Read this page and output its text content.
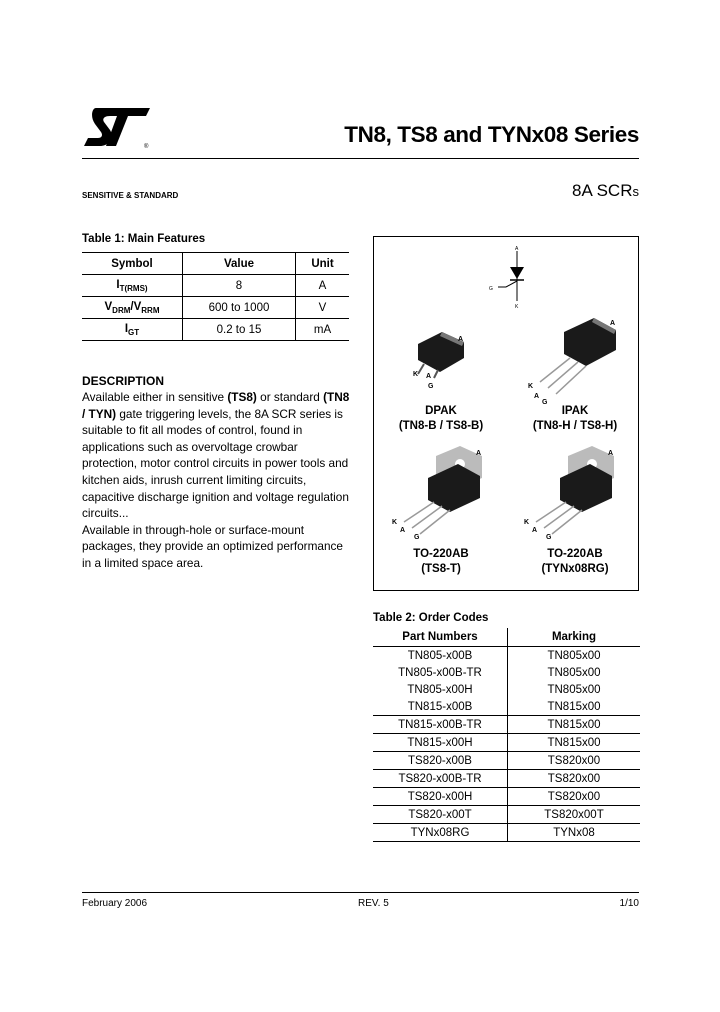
®	TN8, TS8 and TYNx08 Series
SENSITIVE & STANDARD	8A SCRs
Table 1: Main Features
Symbol	Value	Unit
$I_{T(RMS)}$	8	A
$V_{DRM}/V_{RRM}$	600 to 1000	V
$I_{GT}$	0.2 to 15	mA
DESCRIPTION

Available either in sensitive (TS8) or standard (TN8 / TYN) gate triggering levels, the 8A SCR series is suitable to fit all modes of control, found in applications such as overvoltage crowbar protection, motor control circuits in power tools and kitchen aids, inrush current limiting circuits, capacitive discharge ignition and voltage regulation circuits...

Available in through-hole or surface-mount packages, they provide an optimized performance in a limited space area.

A
K
G
A
K A
G
DPAK
(TN8-B / TS8-B)
A
K
A
G
IPAK
(TN8-H / TS8-H)
A
K
A
G
TO-220AB
(TS8-T)
A
K
A
G
TO-220AB
(TYNx08RG)
Table 2: Order Codes
Part Numbers	Marking
TN805-x00B	TN805x00
TN805-x00B-TR	TN805x00
TN805-x00H	TN805x00
TN815-x00B	TN815x00
TN815-x00B-TR	TN815x00
TN815-x00H	TN815x00
TS820-x00B	TS820x00
TS820-x00B-TR	TS820x00
TS820-x00H	TS820x00
TS820-x00T	TS820x00T
TYNx08RG	TYNx08
February 2006	REV. 5	1/10
